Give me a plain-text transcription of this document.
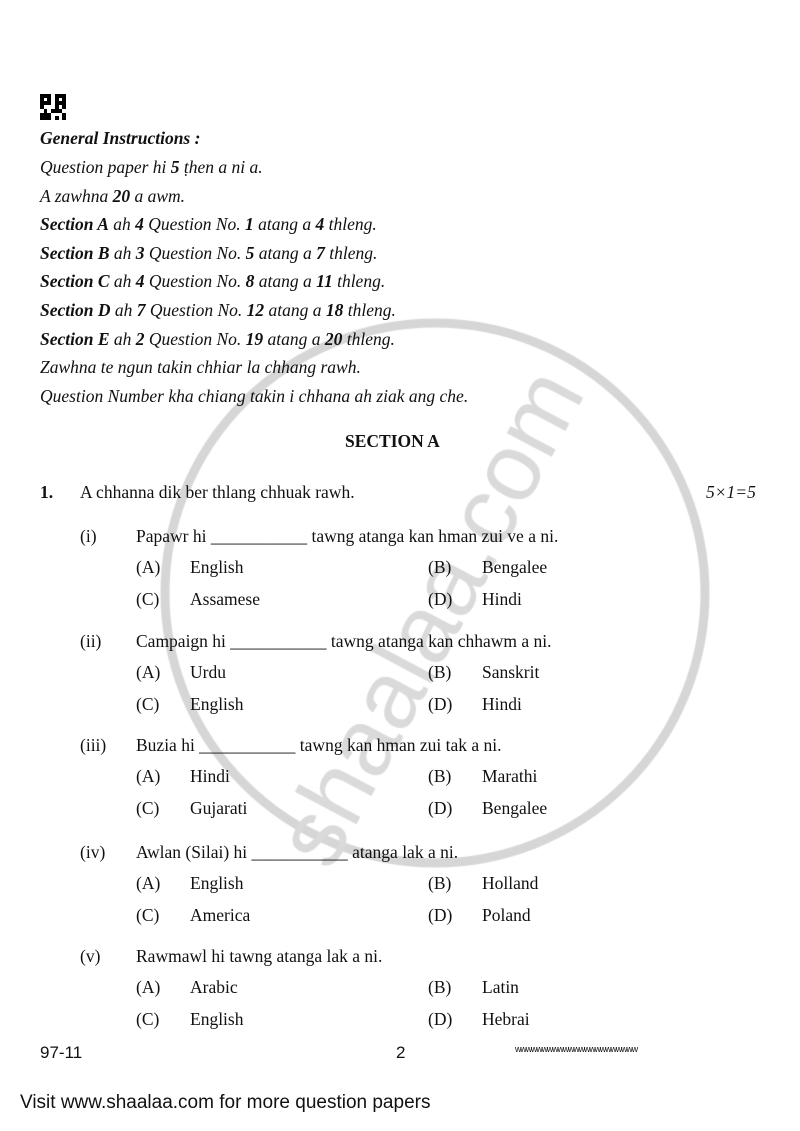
General Instructions :
Question paper hi 5 ṭhen a ni a.
A zawhna 20 a awm.
Section A ah 4 Question No. 1 atang a 4 thleng.
Section B ah 3 Question No. 5 atang a 7 thleng.
Section C ah 4 Question No. 8 atang a 11 thleng.
Section D ah 7 Question No. 12 atang a 18 thleng.
Section E ah 2 Question No. 19 atang a 20 thleng.
Zawhna te ngun takin chhiar la chhang rawh.
Question Number kha chiang takin i chhana ah ziak ang che.
SECTION A
1. A chhanna dik ber thlang chhuak rawh.	5×1=5
(i) Papawr hi ___________ tawng atanga kan hman zui ve a ni.
(A) English	(B) Bengalee
(C) Assamese	(D) Hindi
(ii) Campaign hi ___________ tawng atanga kan chhawm a ni.
(A) Urdu	(B) Sanskrit
(C) English	(D) Hindi
(iii) Buzia hi ___________ tawng kan hman zui tak a ni.
(A) Hindi	(B) Marathi
(C) Gujarati	(D) Bengalee
(iv) Awlan (Silai) hi ___________ atanga lak a ni.
(A) English	(B) Holland
(C) America	(D) Poland
(v) Rawmawl hi tawng atanga lak a ni.
(A) Arabic	(B) Latin
(C) English	(D) Hebrai
97-11	2	wwwwwwwwwwwwwwwwwwwwwww
Visit www.shaalaa.com for more question papers
